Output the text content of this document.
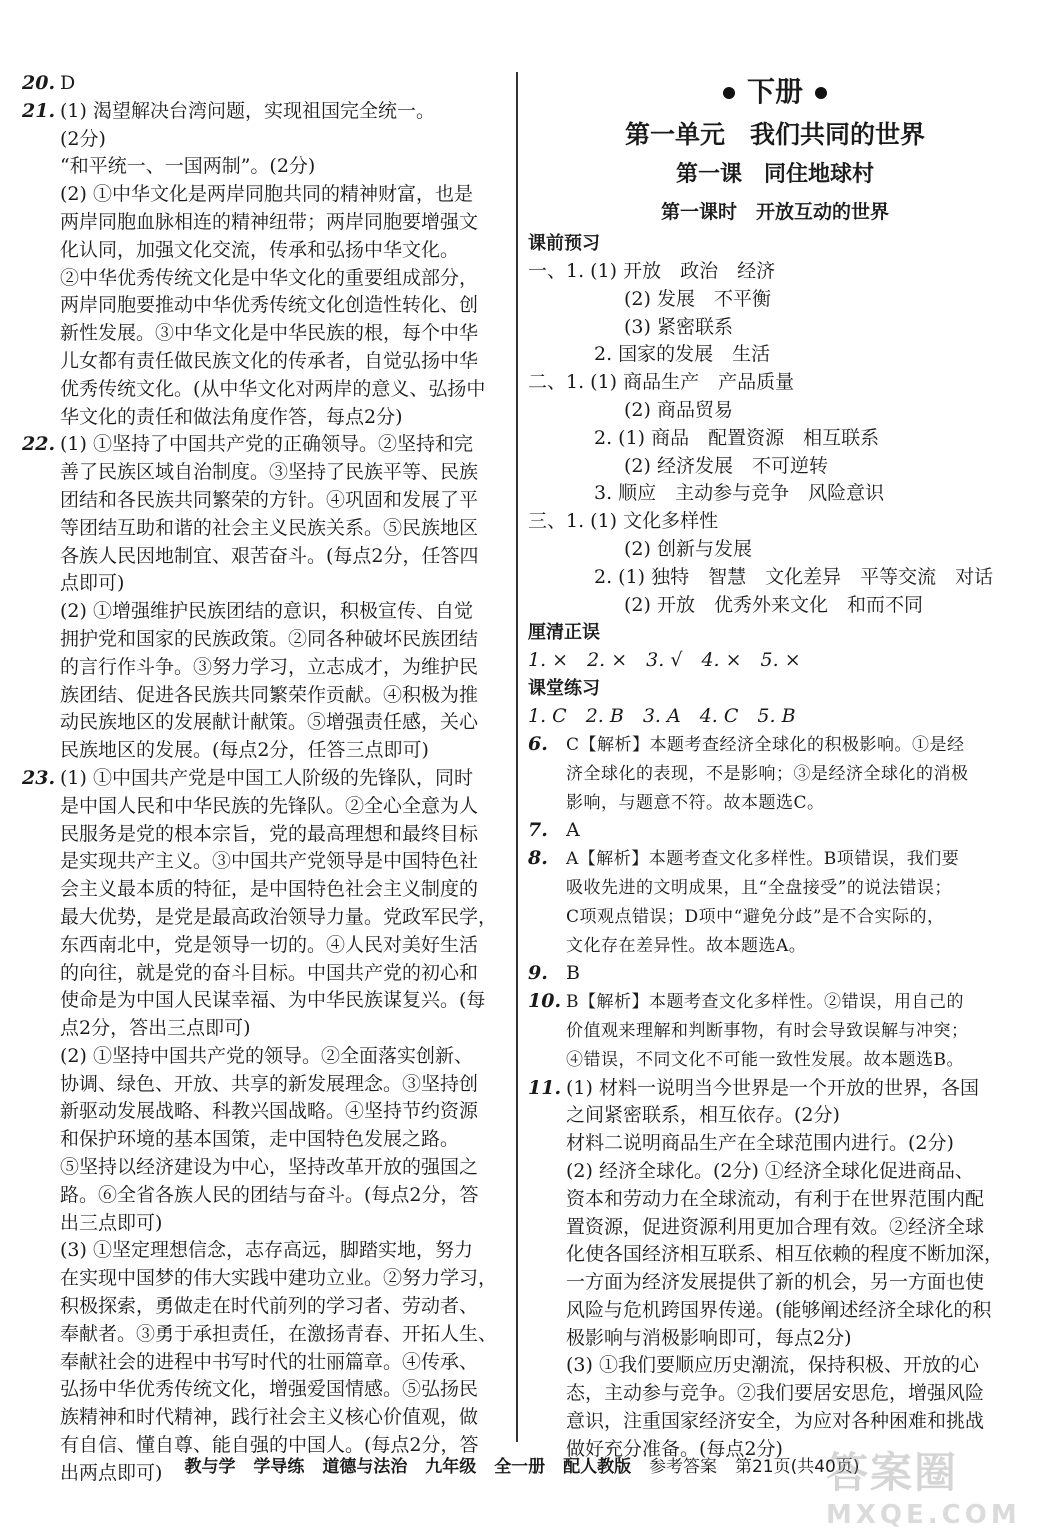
20. D
21. (1) 渴望解决台湾问题，实现祖国完全统一。
(2分)
“和平统一、一国两制”。(2分)
(2) ①中华文化是两岸同胞共同的精神财富，也是
两岸同胞血脉相连的精神纽带；两岸同胞要增强文
化认同，加强文化交流，传承和弘扬中华文化。
②中华优秀传统文化是中华文化的重要组成部分，
两岸同胞要推动中华优秀传统文化创造性转化、创
新性发展。③中华文化是中华民族的根，每个中华
儿女都有责任做民族文化的传承者，自觉弘扬中华
优秀传统文化。(从中华文化对两岸的意义、弘扬中
华文化的责任和做法角度作答，每点2分)
22. (1) ①坚持了中国共产党的正确领导。②坚持和完
善了民族区域自治制度。③坚持了民族平等、民族
团结和各民族共同繁荣的方针。④巩固和发展了平
等团结互助和谐的社会主义民族关系。⑤民族地区
各族人民因地制宜、艰苦奋斗。(每点2分，任答四
点即可)
(2) ①增强维护民族团结的意识，积极宣传、自觉
拥护党和国家的民族政策。②同各种破坏民族团结
的言行作斗争。③努力学习，立志成才，为维护民
族团结、促进各民族共同繁荣作贡献。④积极为推
动民族地区的发展献计献策。⑤增强责任感，关心
民族地区的发展。(每点2分，任答三点即可)
23. (1) ①中国共产党是中国工人阶级的先锋队，同时
是中国人民和中华民族的先锋队。②全心全意为人
民服务是党的根本宗旨，党的最高理想和最终目标
是实现共产主义。③中国共产党领导是中国特色社
会主义最本质的特征，是中国特色社会主义制度的
最大优势，是党是最高政治领导力量。党政军民学，
东西南北中，党是领导一切的。④人民对美好生活
的向往，就是党的奋斗目标。中国共产党的初心和
使命是为中国人民谋幸福、为中华民族谋复兴。(每
点2分，答出三点即可)
(2) ①坚持中国共产党的领导。②全面落实创新、
协调、绿色、开放、共享的新发展理念。③坚持创
新驱动发展战略、科教兴国战略。④坚持节约资源
和保护环境的基本国策，走中国特色发展之路。
⑤坚持以经济建设为中心，坚持改革开放的强国之
路。⑥全省各族人民的团结与奋斗。(每点2分，答
出三点即可)
(3) ①坚定理想信念，志存高远，脚踏实地，努力
在实现中国梦的伟大实践中建功立业。②努力学习，
积极探索，勇做走在时代前列的学习者、劳动者、
奉献者。③勇于承担责任，在激扬青春、开拓人生、
奉献社会的进程中书写时代的壮丽篇章。④传承、
弘扬中华优秀传统文化，增强爱国情感。⑤弘扬民
族精神和时代精神，践行社会主义核心价值观，做
有自信、懂自尊、能自强的中国人。(每点2分，答
出两点即可)
下册
第一单元　我们共同的世界
第一课　同住地球村
第一课时　开放互动的世界
课前预习
一、1. (1) 开放　政治　经济
(2) 发展　不平衡
(3) 紧密联系
2. 国家的发展　生活
二、1. (1) 商品生产　产品质量
(2) 商品贸易
2. (1) 商品　配置资源　相互联系
(2) 经济发展　不可逆转
3. 顺应　主动参与竞争　风险意识
三、1. (1) 文化多样性
(2) 创新与发展
2. (1) 独特　智慧　文化差异　平等交流　对话
(2) 开放　优秀外来文化　和而不同
厘清正误
1. ×　2. ×　3. √　4. ×　5. ×
课堂练习
1. C　2. B　3. A　4. C　5. B
6. C【解析】本题考查经济全球化的积极影响。①是经
济全球化的表现，不是影响；③是经济全球化的消极
影响，与题意不符。故本题选C。
7. A
8. A【解析】本题考查文化多样性。B项错误，我们要
吸收先进的文明成果，且“全盘接受”的说法错误；
C项观点错误；D项中“避免分歧”是不合实际的，
文化存在差异性。故本题选A。
9. B
10. B【解析】本题考查文化多样性。②错误，用自己的
价值观来理解和判断事物，有时会导致误解与冲突；
④错误，不同文化不可能一致性发展。故本题选B。
11. (1) 材料一说明当今世界是一个开放的世界，各国
之间紧密联系，相互依存。(2分)
材料二说明商品生产在全球范围内进行。(2分)
(2) 经济全球化。(2分) ①经济全球化促进商品、
资本和劳动力在全球流动，有利于在世界范围内配
置资源，促进资源利用更加合理有效。②经济全球
化使各国经济相互联系、相互依赖的程度不断加深，
一方面为经济发展提供了新的机会，另一方面也使
风险与危机跨国界传递。(能够阐述经济全球化的积
极影响与消极影响即可，每点2分)
(3) ①我们要顺应历史潮流，保持积极、开放的心
态，主动参与竞争。②我们要居安思危，增强风险
意识，注重国家经济安全，为应对各种困难和挑战
做好充分准备。(每点2分)
教与学 学导练 道德与法治 九年级 全一册 配人教版 参考答案 第21页(共40页)
答案圈
MXQE.COM
